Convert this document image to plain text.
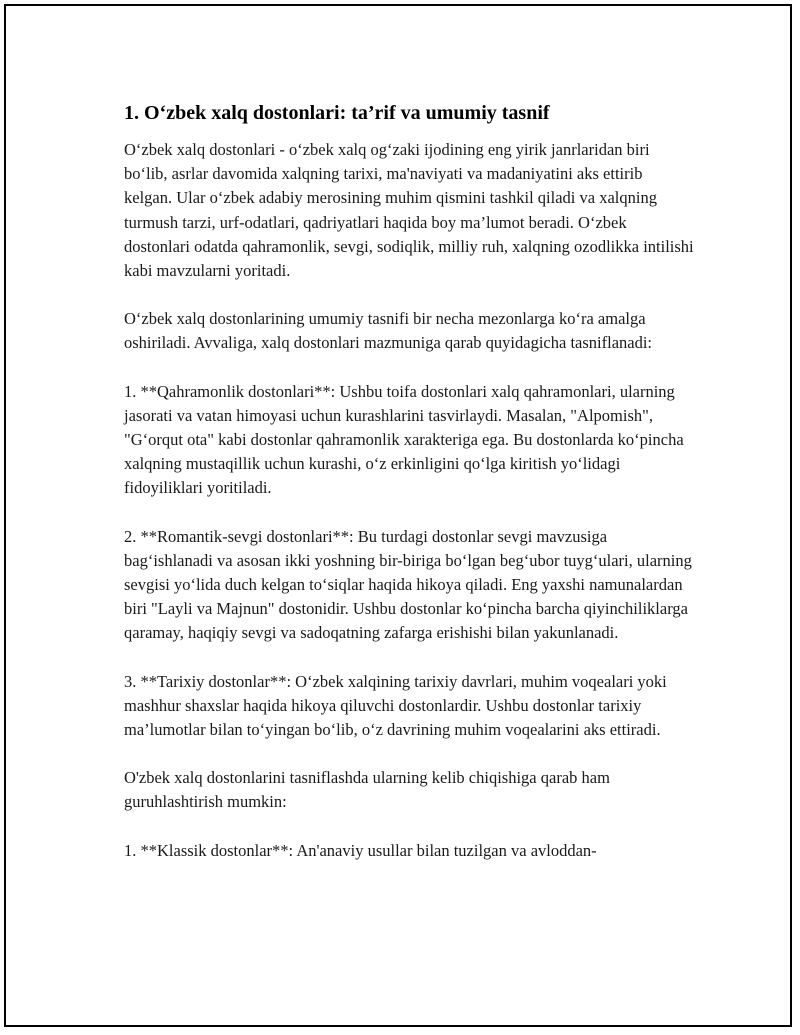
1. O‘zbek xalq dostonlari: ta’rif va umumiy tasnif

O‘zbek xalq dostonlari - o‘zbek xalq og‘zaki ijodining eng yirik janrlaridan biri bo‘lib, asrlar davomida xalqning tarixi, ma'naviyati va madaniyatini aks ettirib kelgan. Ular o‘zbek adabiy merosining muhim qismini tashkil qiladi va xalqning turmush tarzi, urf-odatlari, qadriyatlari haqida boy ma’lumot beradi. O‘zbek dostonlari odatda qahramonlik, sevgi, sodiqlik, milliy ruh, xalqning ozodlikka intilishi kabi mavzularni yoritadi.

O‘zbek xalq dostonlarining umumiy tasnifi bir necha mezonlarga ko‘ra amalga oshiriladi. Avvaliga, xalq dostonlari mazmuniga qarab quyidagicha tasniflanadi:

1. **Qahramonlik dostonlari**: Ushbu toifa dostonlari xalq qahramonlari, ularning jasorati va vatan himoyasi uchun kurashlarini tasvirlaydi. Masalan, "Alpomish", "G‘orqut ota" kabi dostonlar qahramonlik xarakteriga ega. Bu dostonlarda ko‘pincha xalqning mustaqillik uchun kurashi, o‘z erkinligini qo‘lga kiritish yo‘lidagi fidoyiliklari yoritiladi.

2. **Romantik-sevgi dostonlari**: Bu turdagi dostonlar sevgi mavzusiga bag‘ishlanadi va asosan ikki yoshning bir-biriga bo‘lgan beg‘ubor tuyg‘ulari, ularning sevgisi yo‘lida duch kelgan to‘siqlar haqida hikoya qiladi. Eng yaxshi namunalardan biri "Layli va Majnun" dostonidir. Ushbu dostonlar ko‘pincha barcha qiyinchiliklarga qaramay, haqiqiy sevgi va sadoqatning zafarga erishishi bilan yakunlanadi.

3. **Tarixiy dostonlar**: O‘zbek xalqining tarixiy davrlari, muhim voqealari yoki mashhur shaxslar haqida hikoya qiluvchi dostonlardir. Ushbu dostonlar tarixiy ma’lumotlar bilan to‘yingan bo‘lib, o‘z davrining muhim voqealarini aks ettiradi.

O'zbek xalq dostonlarini tasniflashda ularning kelib chiqishiga qarab ham guruhlashtirish mumkin:

1. **Klassik dostonlar**: An'anaviy usullar bilan tuzilgan va avloddan-
